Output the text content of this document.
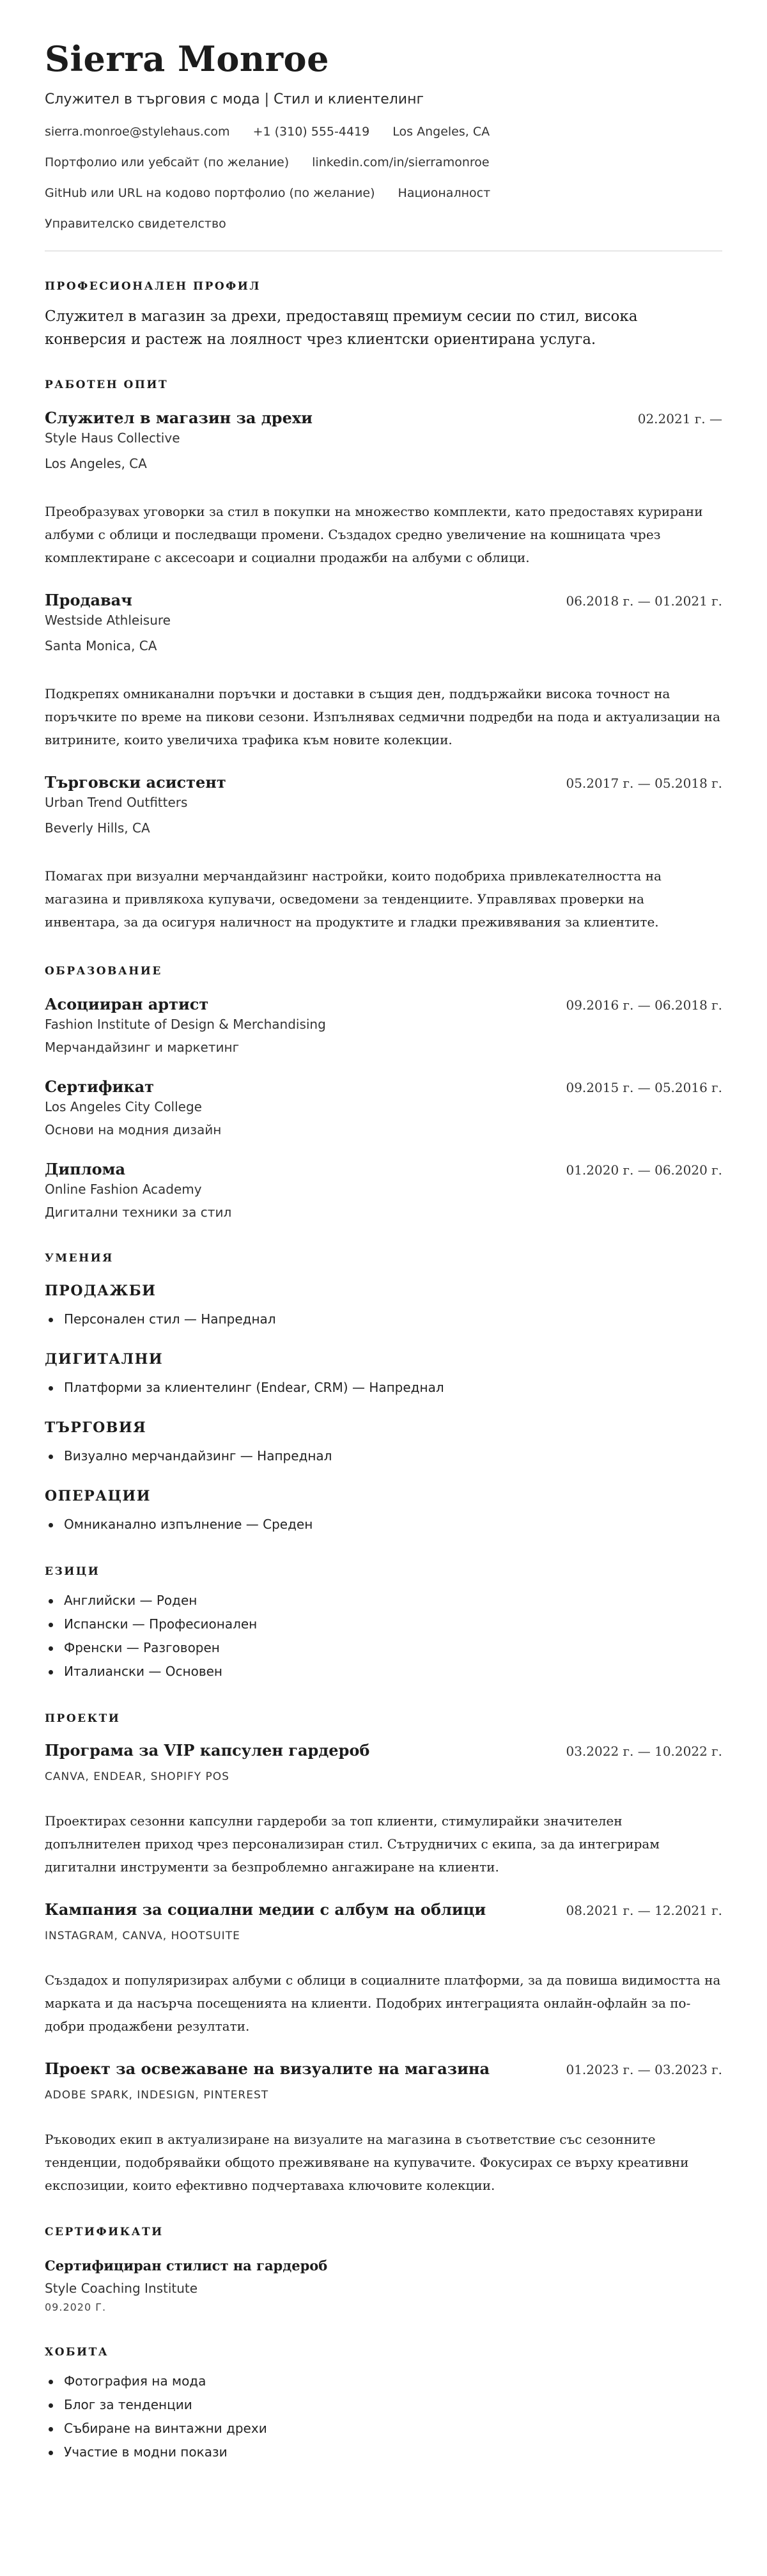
Sierra Monroe
Служител в търговия с мода | Стил и клиентелинг
sierra.monroe@stylehaus.com +1 (310) 555-4419 Los Angeles, CA
Портфолио или уебсайт (по желание) linkedin.com/in/sierramonroe
GitHub или URL на кодово портфолио (по желание) Националност
Управителско свидетелство
ПРОФЕСИОНАЛЕН ПРОФИЛ

Служител в магазин за дрехи, предоставящ премиум сесии по стил, висока конверсия и растеж на лоялност чрез клиентски ориентирана услуга.

РАБОТЕН ОПИТ
Служител в магазин за дрехи	02.2021 г. —
Style Haus Collective
Los Angeles, CA

Преобразувах уговорки за стил в покупки на множество комплекти, като предоставях курирани албуми с облици и последващи промени. Създадох средно увеличение на кошницата чрез комплектиране с аксесоари и социални продажби на албуми с облици.

Продавач	06.2018 г. — 01.2021 г.
Westside Athleisure
Santa Monica, CA

Подкрепях омниканални поръчки и доставки в същия ден, поддържайки висока точност на поръчките по време на пикови сезони. Изпълнявах седмични подредби на пода и актуализации на витрините, които увеличиха трафика към новите колекции.

Търговски асистент	05.2017 г. — 05.2018 г.
Urban Trend Outfitters
Beverly Hills, CA

Помагах при визуални мерчандайзинг настройки, които подобриха привлекателността на магазина и привлякоха купувачи, осведомени за тенденциите. Управлявах проверки на инвентара, за да осигуря наличност на продуктите и гладки преживявания за клиентите.

ОБРАЗОВАНИЕ
Асоцииран артист	09.2016 г. — 06.2018 г.
Fashion Institute of Design & Merchandising
Мерчандайзинг и маркетинг
Сертификат	09.2015 г. — 05.2016 г.
Los Angeles City College
Основи на модния дизайн
Диплома	01.2020 г. — 06.2020 г.
Online Fashion Academy
Дигитални техники за стил
УМЕНИЯ
ПРОДАЖБИ
Персонален стил — Напреднал
ДИГИТАЛНИ
Платформи за клиентелинг (Endear, CRM) — Напреднал
ТЪРГОВИЯ
Визуално мерчандайзинг — Напреднал
ОПЕРАЦИИ
Омниканално изпълнение — Среден
ЕЗИЦИ
Английски — Роден
Испански — Професионален
Френски — Разговорен
Италиански — Основен
ПРОЕКТИ
Програма за VIP капсулен гардероб	03.2022 г. — 10.2022 г.
CANVA, ENDEAR, SHOPIFY POS

Проектирах сезонни капсулни гардероби за топ клиенти, стимулирайки значителен допълнителен приход чрез персонализиран стил. Сътрудничих с екипа, за да интегрирам дигитални инструменти за безпроблемно ангажиране на клиенти.

Кампания за социални медии с албум на облици	08.2021 г. — 12.2021 г.
INSTAGRAM, CANVA, HOOTSUITE

Създадох и популяризирах албуми с облици в социалните платформи, за да повиша видимостта на марката и да насърча посещенията на клиенти. Подобрих интеграцията онлайн-офлайн за по-добри продажбени резултати.

Проект за освежаване на визуалите на магазина	01.2023 г. — 03.2023 г.
ADOBE SPARK, INDESIGN, PINTEREST

Ръководих екип в актуализиране на визуалите на магазина в съответствие със сезонните тенденции, подобрявайки общото преживяване на купувачите. Фокусирах се върху креативни експозиции, които ефективно подчертаваха ключовите колекции.

СЕРТИФИКАТИ
Сертифициран стилист на гардероб
Style Coaching Institute
09.2020 Г.
ХОБИТА
Фотография на мода
Блог за тенденции
Събиране на винтажни дрехи
Участие в модни покази
